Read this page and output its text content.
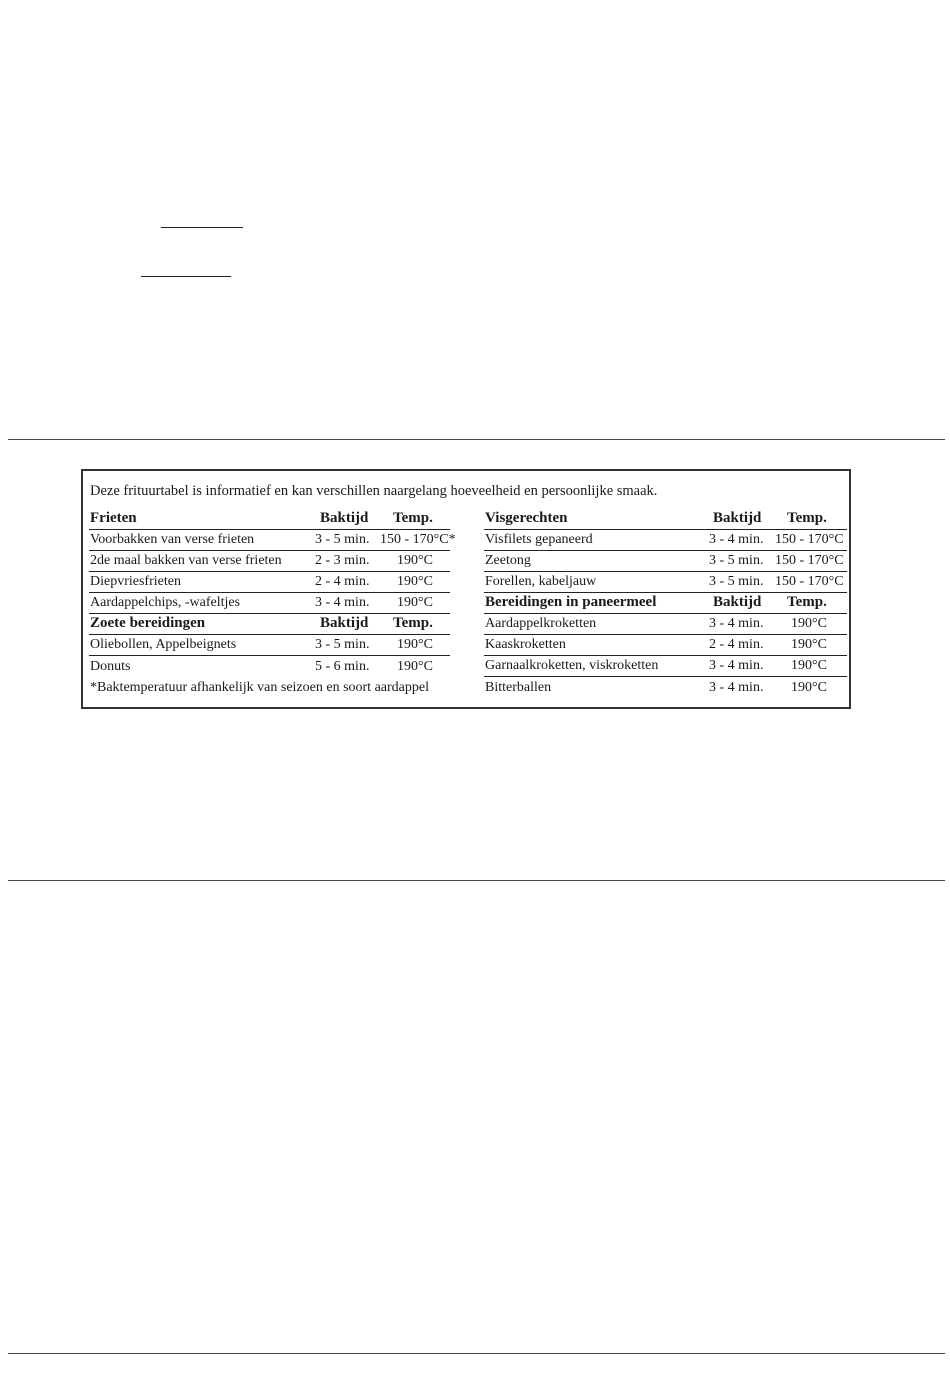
Deze frituurtabel is informatief en kan verschillen naargelang hoeveelheid en persoonlijke smaak.
Frieten	Baktijd Temp.
Voorbakken van verse frieten	3 - 5 min. 150 - 170°C*
2de maal bakken van verse frieten 2 - 3 min. 190°C
Diepvriesfrieten	2 - 4 min. 190°C
Aardappelchips, -wafeltjes	3 - 4 min. 190°C
Zoete bereidingen	Baktijd Temp.
Oliebollen, Appelbeignets	3 - 5 min. 190°C
Donuts	5 - 6 min. 190°C
*Baktemperatuur afhankelijk van seizoen en soort aardappel
Visgerechten	Baktijd Temp.
Visfilets gepaneerd	3 - 4 min. 150 - 170°C
Zeetong	3 - 5 min. 150 - 170°C
Forellen, kabeljauw	3 - 5 min. 150 - 170°C
Bereidingen in paneermeel	Baktijd Temp.
Aardappelkroketten	3 - 4 min. 190°C
Kaaskroketten	2 - 4 min. 190°C
Garnaalkroketten, viskroketten	3 - 4 min. 190°C
Bitterballen	3 - 4 min. 190°C
